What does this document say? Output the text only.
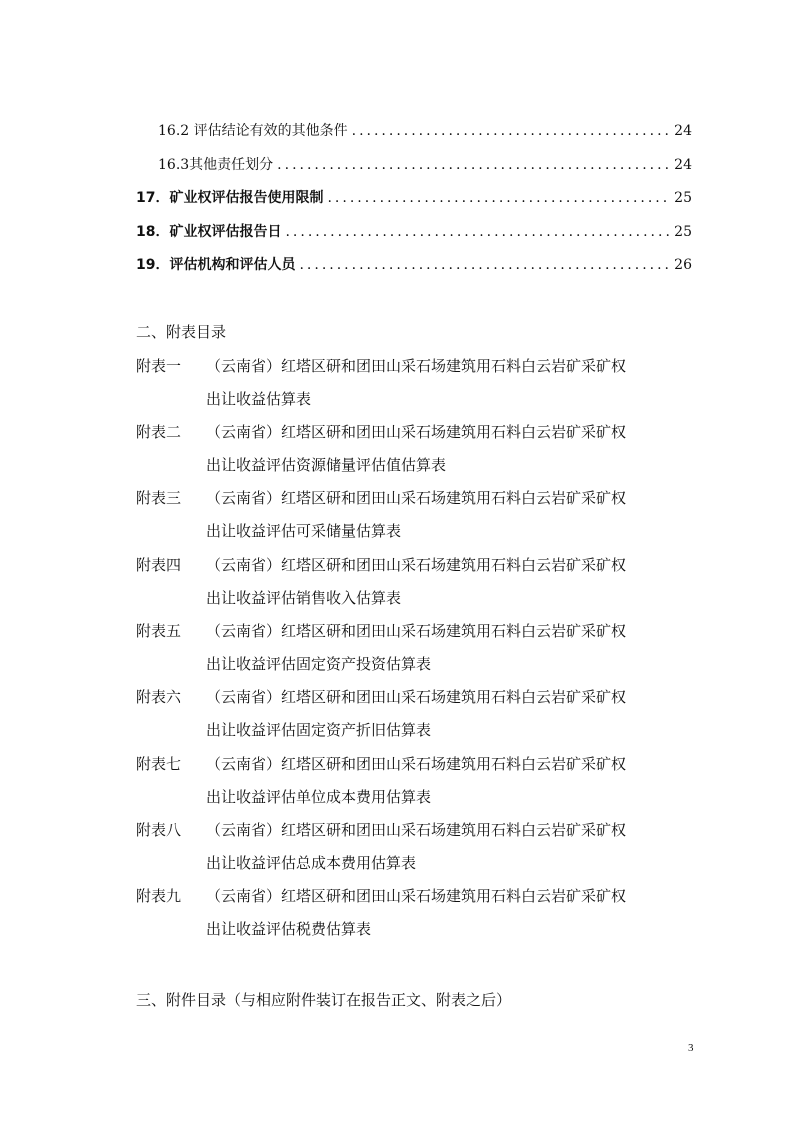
16.2 评估结论有效的其他条件 .....	24
16.3其他责任划分 .....	24
17．矿业权评估报告使用限制 .....	25
18．矿业权评估报告日 .....	25
19．评估机构和评估人员 .....	26
二、附表目录
附表一 （云南省）红塔区研和团田山采石场建筑用石料白云岩矿采矿权
出让收益估算表
附表二 （云南省）红塔区研和团田山采石场建筑用石料白云岩矿采矿权
出让收益评估资源储量评估值估算表
附表三 （云南省）红塔区研和团田山采石场建筑用石料白云岩矿采矿权
出让收益评估可采储量估算表
附表四 （云南省）红塔区研和团田山采石场建筑用石料白云岩矿采矿权
出让收益评估销售收入估算表
附表五 （云南省）红塔区研和团田山采石场建筑用石料白云岩矿采矿权
出让收益评估固定资产投资估算表
附表六 （云南省）红塔区研和团田山采石场建筑用石料白云岩矿采矿权
出让收益评估固定资产折旧估算表
附表七 （云南省）红塔区研和团田山采石场建筑用石料白云岩矿采矿权
出让收益评估单位成本费用估算表
附表八 （云南省）红塔区研和团田山采石场建筑用石料白云岩矿采矿权
出让收益评估总成本费用估算表
附表九 （云南省）红塔区研和团田山采石场建筑用石料白云岩矿采矿权
出让收益评估税费估算表
三、附件目录（与相应附件装订在报告正文、附表之后）
3
